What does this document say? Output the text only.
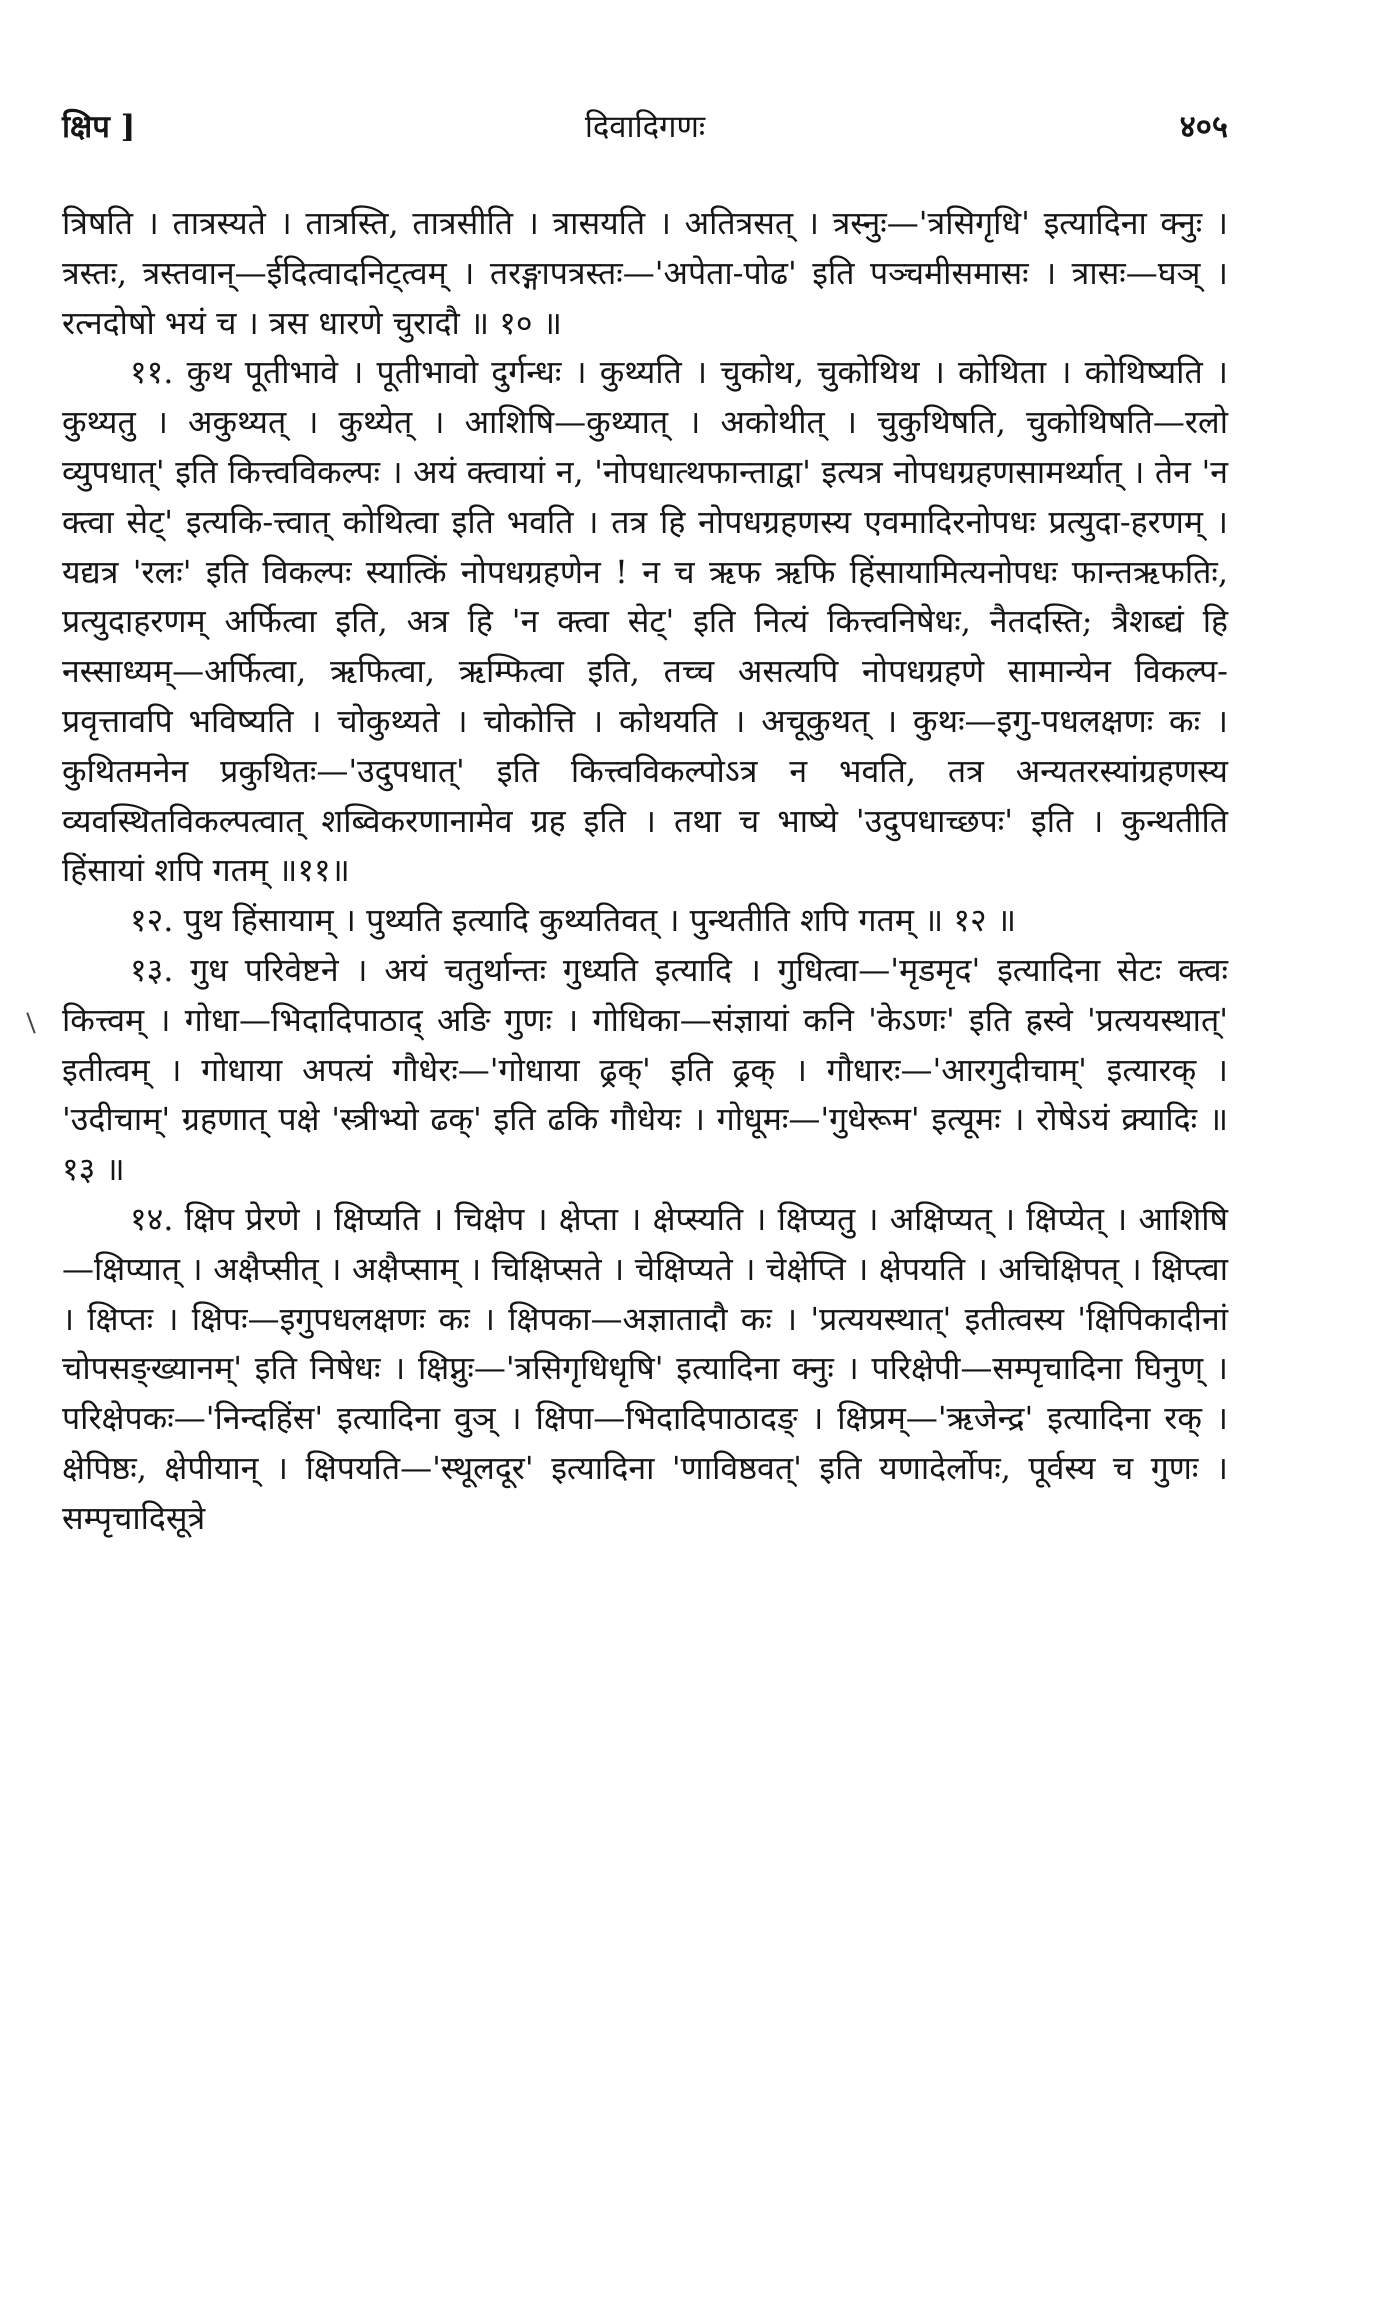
क्षिप ]	दिवादिगणः	४०५

त्रिषति । तात्रस्यते । तात्रस्ति, तात्रसीति । त्रासयति । अतित्रसत् । त्रस्नुः—'त्रसिगृधि' इत्यादिना क्नुः । त्रस्तः, त्रस्तवान्—ईदित्वादनिट्त्वम् । तरङ्गापत्रस्तः—'अपेता-पोढ' इति पञ्चमीसमासः । त्रासः—घञ् । रत्नदोषो भयं च । त्रस धारणे चुरादौ ॥ १० ॥

११. कुथ पूतीभावे । पूतीभावो दुर्गन्धः । कुथ्यति । चुकोथ, चुकोथिथ । कोथिता । कोथिष्यति । कुथ्यतु । अकुथ्यत् । कुथ्येत् । आशिषि—कुथ्यात् । अकोथीत् । चुकुथिषति, चुकोथिषति—रलो व्युपधात्' इति कित्त्वविकल्पः । अयं क्त्वायां न, 'नोपधात्थफान्ताद्वा' इत्यत्र नोपधग्रहणसामर्थ्यात् । तेन 'न क्त्वा सेट्' इत्यकि-त्त्वात् कोथित्वा इति भवति । तत्र हि नोपधग्रहणस्य एवमादिरनोपधः प्रत्युदा-हरणम् । यद्यत्र 'रलः' इति विकल्पः स्यात्किं नोपधग्रहणेन ! न च ऋफ ऋफि हिंसायामित्यनोपधः फान्तऋफतिः, प्रत्युदाहरणम् अर्फित्वा इति, अत्र हि 'न क्त्वा सेट्' इति नित्यं कित्त्वनिषेधः, नैतदस्ति; त्रैशब्द्यं हि नस्साध्यम्—अर्फित्वा, ऋफित्वा, ऋम्फित्वा इति, तच्च असत्यपि नोपधग्रहणे सामान्येन विकल्प-प्रवृत्तावपि भविष्यति । चोकुथ्यते । चोकोत्ति । कोथयति । अचूकुथत् । कुथः—इगु-पधलक्षणः कः । कुथितमनेन प्रकुथितः—'उदुपधात्' इति कित्त्वविकल्पोऽत्र न भवति, तत्र अन्यतरस्यांग्रहणस्य व्यवस्थितविकल्पत्वात् शब्विकरणानामेव ग्रह इति । तथा च भाष्ये 'उदुपधाच्छपः' इति । कुन्थतीति हिंसायां शपि गतम् ॥११॥

१२. पुथ हिंसायाम् । पुथ्यति इत्यादि कुथ्यतिवत् । पुन्थतीति शपि गतम् ॥ १२ ॥

१३. गुध परिवेष्टने । अयं चतुर्थान्तः गुध्यति इत्यादि । गुधित्वा—'मृडमृद' इत्यादिना सेटः क्त्वः कित्त्वम् । गोधा—भिदादिपाठाद् अङि गुणः । गोधिका—संज्ञायां कनि 'केऽणः' इति ह्रस्वे 'प्रत्ययस्थात्' इतीत्वम् । गोधाया अपत्यं गौधेरः—'गोधाया ढ्रक्' इति ढ्रक् । गौधारः—'आरगुदीचाम्' इत्यारक् । 'उदीचाम्' ग्रहणात् पक्षे 'स्त्रीभ्यो ढक्' इति ढकि गौधेयः । गोधूमः—'गुधेरूम' इत्यूमः । रोषेऽयं क्र्यादिः ॥ १३ ॥

१४. क्षिप प्रेरणे । क्षिप्यति । चिक्षेप । क्षेप्ता । क्षेप्स्यति । क्षिप्यतु । अक्षिप्यत् । क्षिप्येत् । आशिषि—क्षिप्यात् । अक्षैप्सीत् । अक्षैप्साम् । चिक्षिप्सते । चेक्षिप्यते । चेक्षेप्ति । क्षेपयति । अचिक्षिपत् । क्षिप्त्वा । क्षिप्तः । क्षिपः—इगुपधलक्षणः कः । क्षिपका—अज्ञातादौ कः । 'प्रत्ययस्थात्' इतीत्वस्य 'क्षिपिकादीनां चोपसङ्ख्यानम्' इति निषेधः । क्षिप्नुः—'त्रसिगृधिधृषि' इत्यादिना क्नुः । परिक्षेपी—सम्पृचादिना घिनुण् । परिक्षेपकः—'निन्दहिंस' इत्यादिना वुञ् । क्षिपा—भिदादिपाठादङ् । क्षिप्रम्—'ऋजेन्द्र' इत्यादिना रक् । क्षेपिष्ठः, क्षेपीयान् । क्षिपयति—'स्थूलदूर' इत्यादिना 'णाविष्ठवत्' इति यणादेर्लोपः, पूर्वस्य च गुणः । सम्पृचादिसूत्रे
